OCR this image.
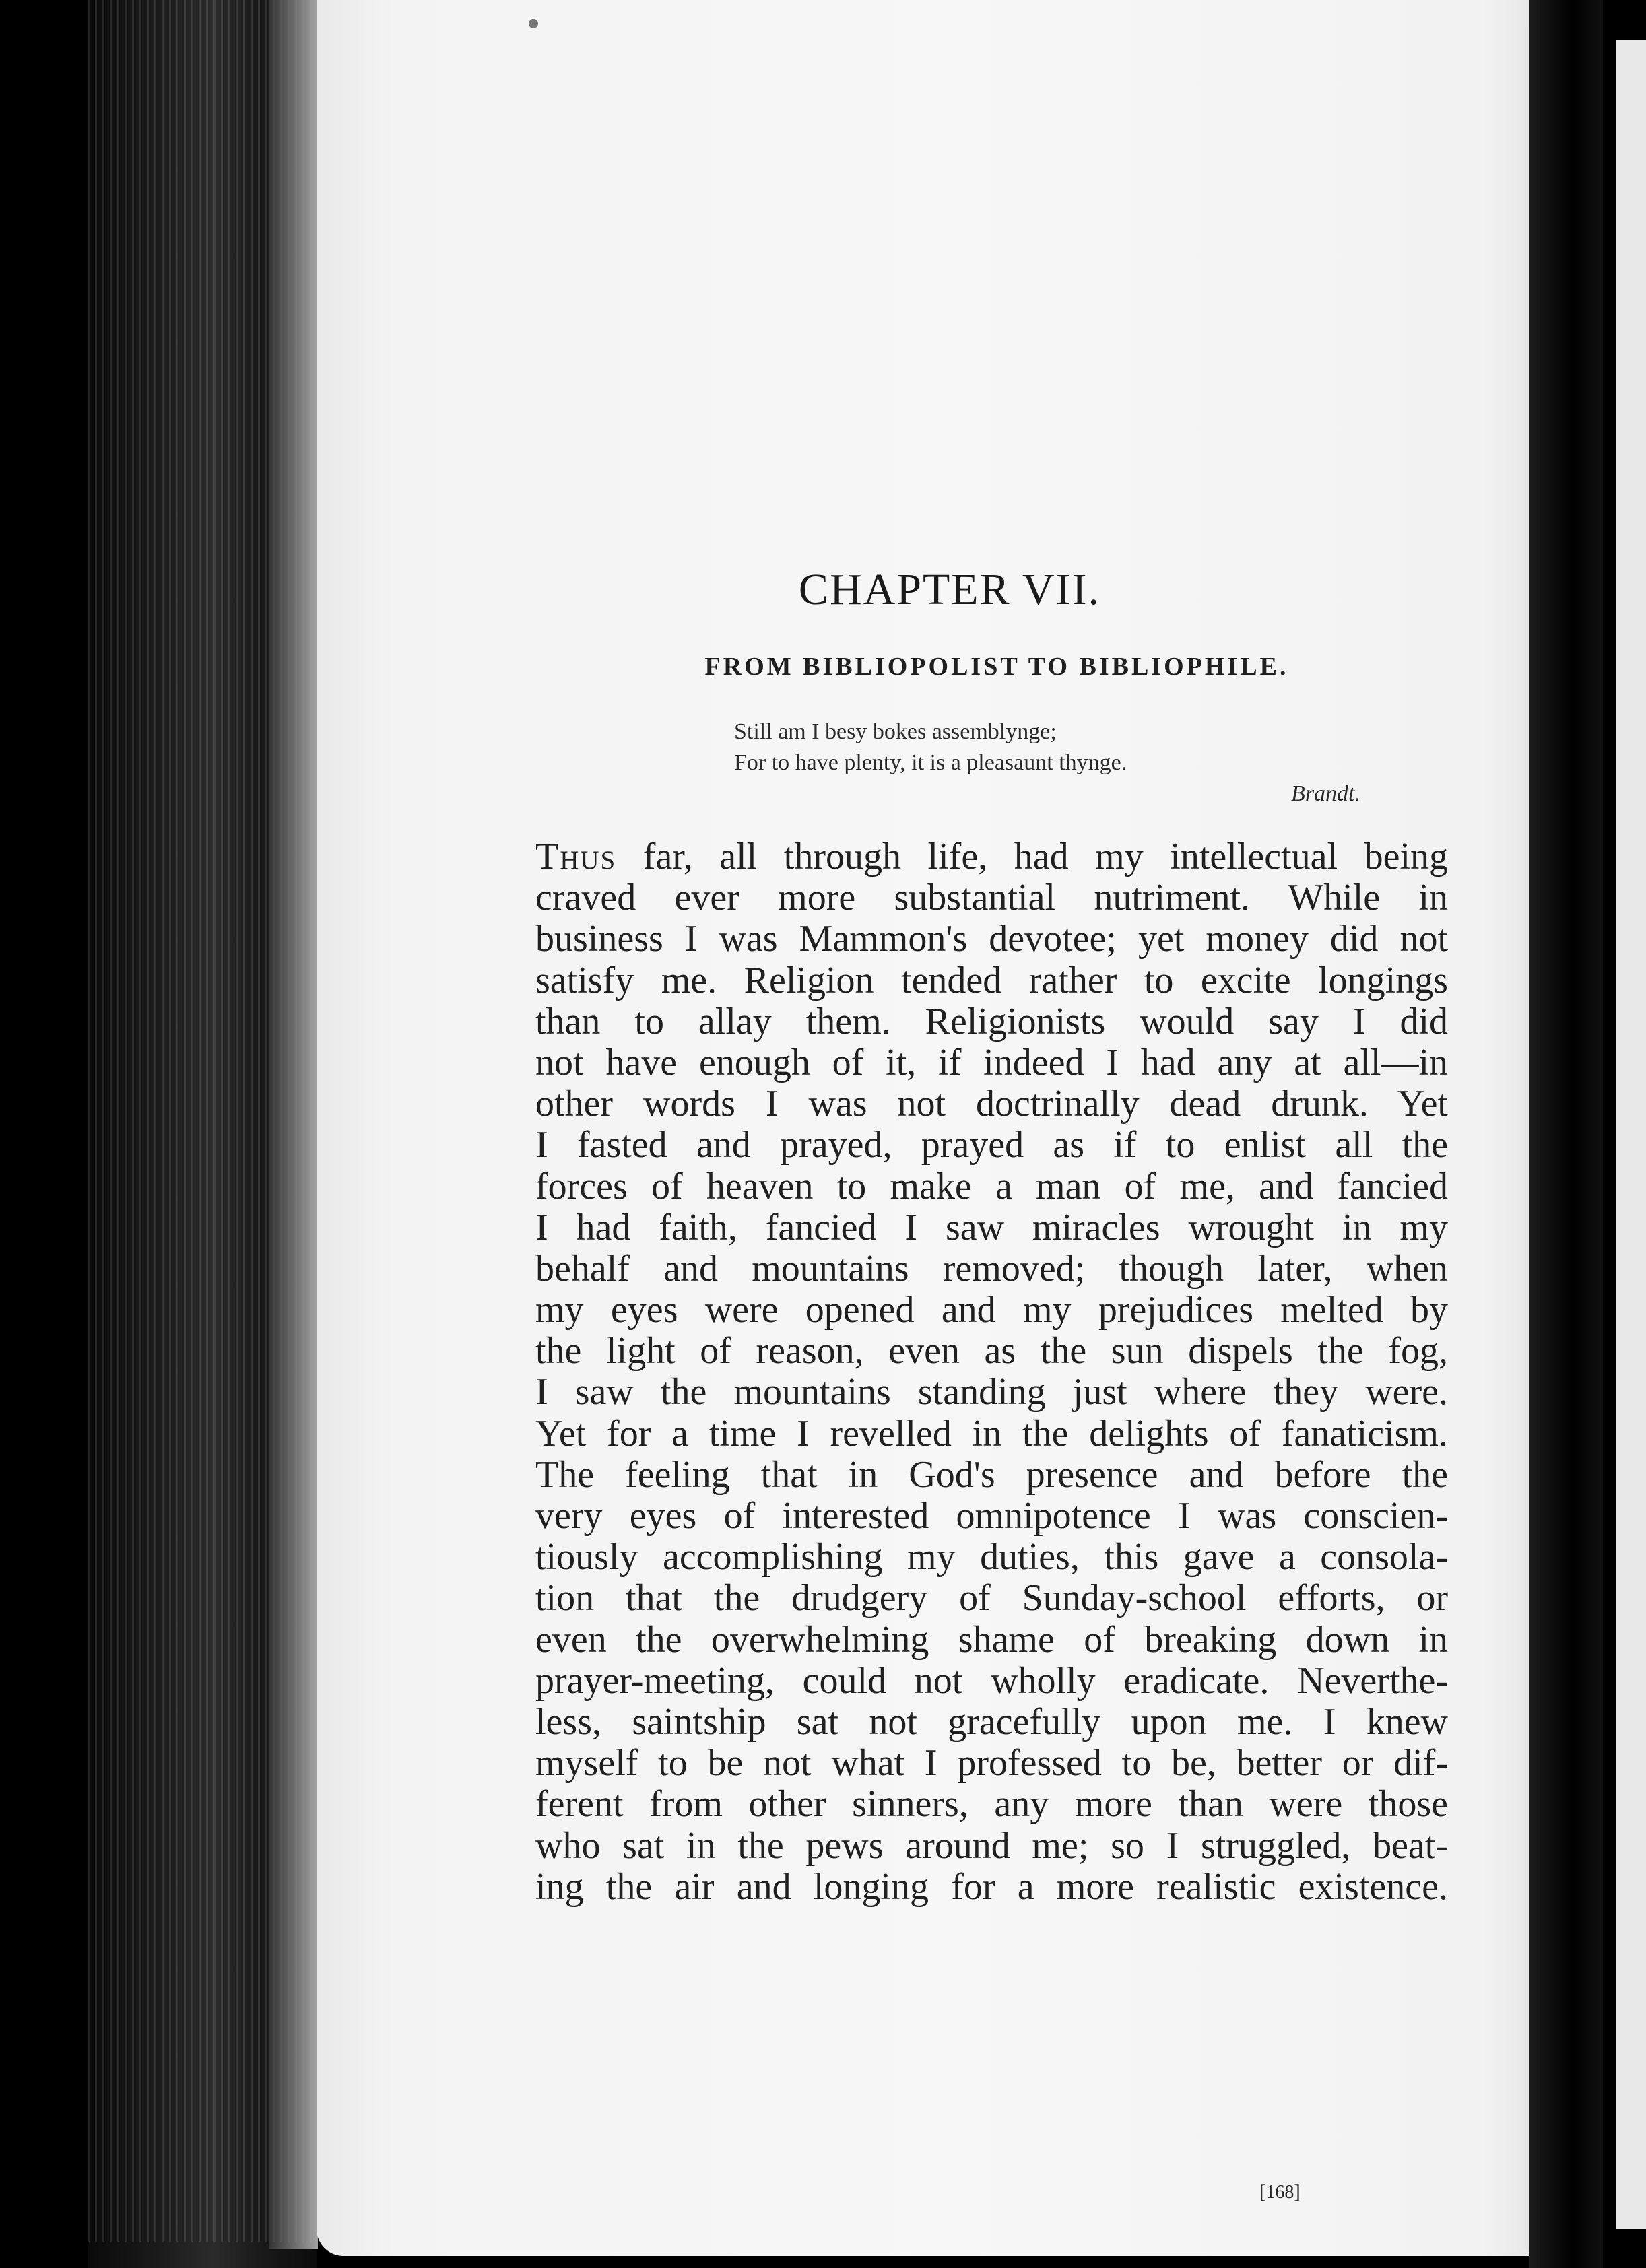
CHAPTER VII.
FROM BIBLIOPOLIST TO BIBLIOPHILE.
Still am I besy bokes assemblynge;
For to have plenty, it is a pleasaunt thynge.
Brandt.
Thus far, all through life, had my intellectual being
craved ever more substantial nutriment. While in
business I was Mammon's devotee; yet money did not
satisfy me. Religion tended rather to excite longings
than to allay them. Religionists would say I did
not have enough of it, if indeed I had any at all—in
other words I was not doctrinally dead drunk. Yet
I fasted and prayed, prayed as if to enlist all the
forces of heaven to make a man of me, and fancied
I had faith, fancied I saw miracles wrought in my
behalf and mountains removed; though later, when
my eyes were opened and my prejudices melted by
the light of reason, even as the sun dispels the fog,
I saw the mountains standing just where they were.
Yet for a time I revelled in the delights of fanaticism.
The feeling that in God's presence and before the
very eyes of interested omnipotence I was conscien-
tiously accomplishing my duties, this gave a consola-
tion that the drudgery of Sunday-school efforts, or
even the overwhelming shame of breaking down in
prayer-meeting, could not wholly eradicate. Neverthe-
less, saintship sat not gracefully upon me. I knew
myself to be not what I professed to be, better or dif-
ferent from other sinners, any more than were those
who sat in the pews around me; so I struggled, beat-
ing the air and longing for a more realistic existence.
[168]
